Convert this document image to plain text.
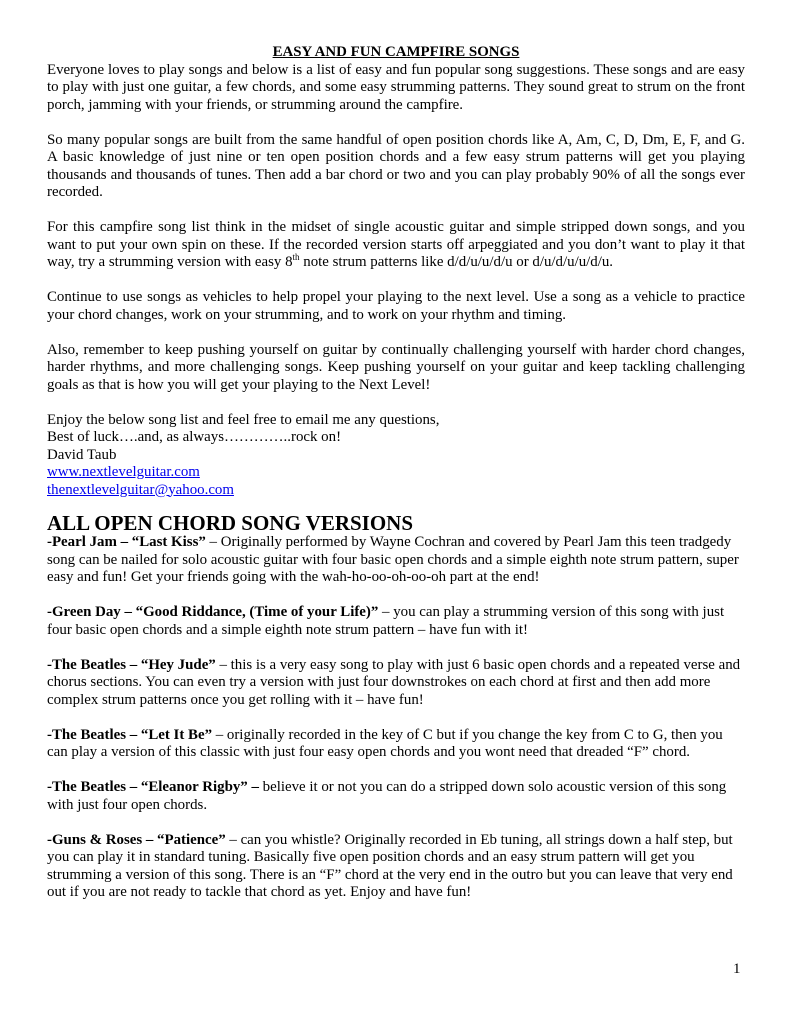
EASY AND FUN CAMPFIRE SONGS

Everyone loves to play songs and below is a list of easy and fun popular song suggestions. These songs and are easy to play with just one guitar, a few chords, and some easy strumming patterns. They sound great to strum on the front porch, jamming with your friends, or strumming around the campfire.

So many popular songs are built from the same handful of open position chords like A, Am, C, D, Dm, E, F, and G. A basic knowledge of just nine or ten open position chords and a few easy strum patterns will get you playing thousands and thousands of tunes. Then add a bar chord or two and you can play probably 90% of all the songs ever recorded.

For this campfire song list think in the midset of single acoustic guitar and simple stripped down songs, and you want to put your own spin on these. If the recorded version starts off arpeggiated and you don’t want to play it that way, try a strumming version with easy 8th note strum patterns like d/d/u/u/d/u or d/u/d/u/u/d/u.

Continue to use songs as vehicles to help propel your playing to the next level. Use a song as a vehicle to practice your chord changes, work on your strumming, and to work on your rhythm and timing.

Also, remember to keep pushing yourself on guitar by continually challenging yourself with harder chord changes, harder rhythms, and more challenging songs. Keep pushing yourself on your guitar and keep tackling challenging goals as that is how you will get your playing to the Next Level!

Enjoy the below song list and feel free to email me any questions,

Best of luck….and, as always…………..rock on!

David Taub

www.nextlevelguitar.com

thenextlevelguitar@yahoo.com

ALL OPEN CHORD SONG VERSIONS

-Pearl Jam – “Last Kiss” – Originally performed by Wayne Cochran and covered by Pearl Jam this teen tradgedy song can be nailed for solo acoustic guitar with four basic open chords and a simple eighth note strum pattern, super easy and fun! Get your friends going with the wah-ho-oo-oh-oo-oh part at the end!

-Green Day – “Good Riddance, (Time of your Life)” – you can play a strumming version of this song with just four basic open chords and a simple eighth note strum pattern – have fun with it!

-The Beatles – “Hey Jude” – this is a very easy song to play with just 6 basic open chords and a repeated verse and chorus sections. You can even try a version with just four downstrokes on each chord at first and then add more complex strum patterns once you get rolling with it – have fun!

-The Beatles – “Let It Be” – originally recorded in the key of C but if you change the key from C to G, then you can play a version of this classic with just four easy open chords and you wont need that dreaded “F” chord.

-The Beatles – “Eleanor Rigby” – believe it or not you can do a stripped down solo acoustic version of this song with just four open chords.

-Guns & Roses – “Patience” – can you whistle? Originally recorded in Eb tuning, all strings down a half step, but you can play it in standard tuning. Basically five open position chords and an easy strum pattern will get you strumming a version of this song. There is an “F” chord at the very end in the outro but you can leave that very end out if you are not ready to tackle that chord as yet. Enjoy and have fun!

1
